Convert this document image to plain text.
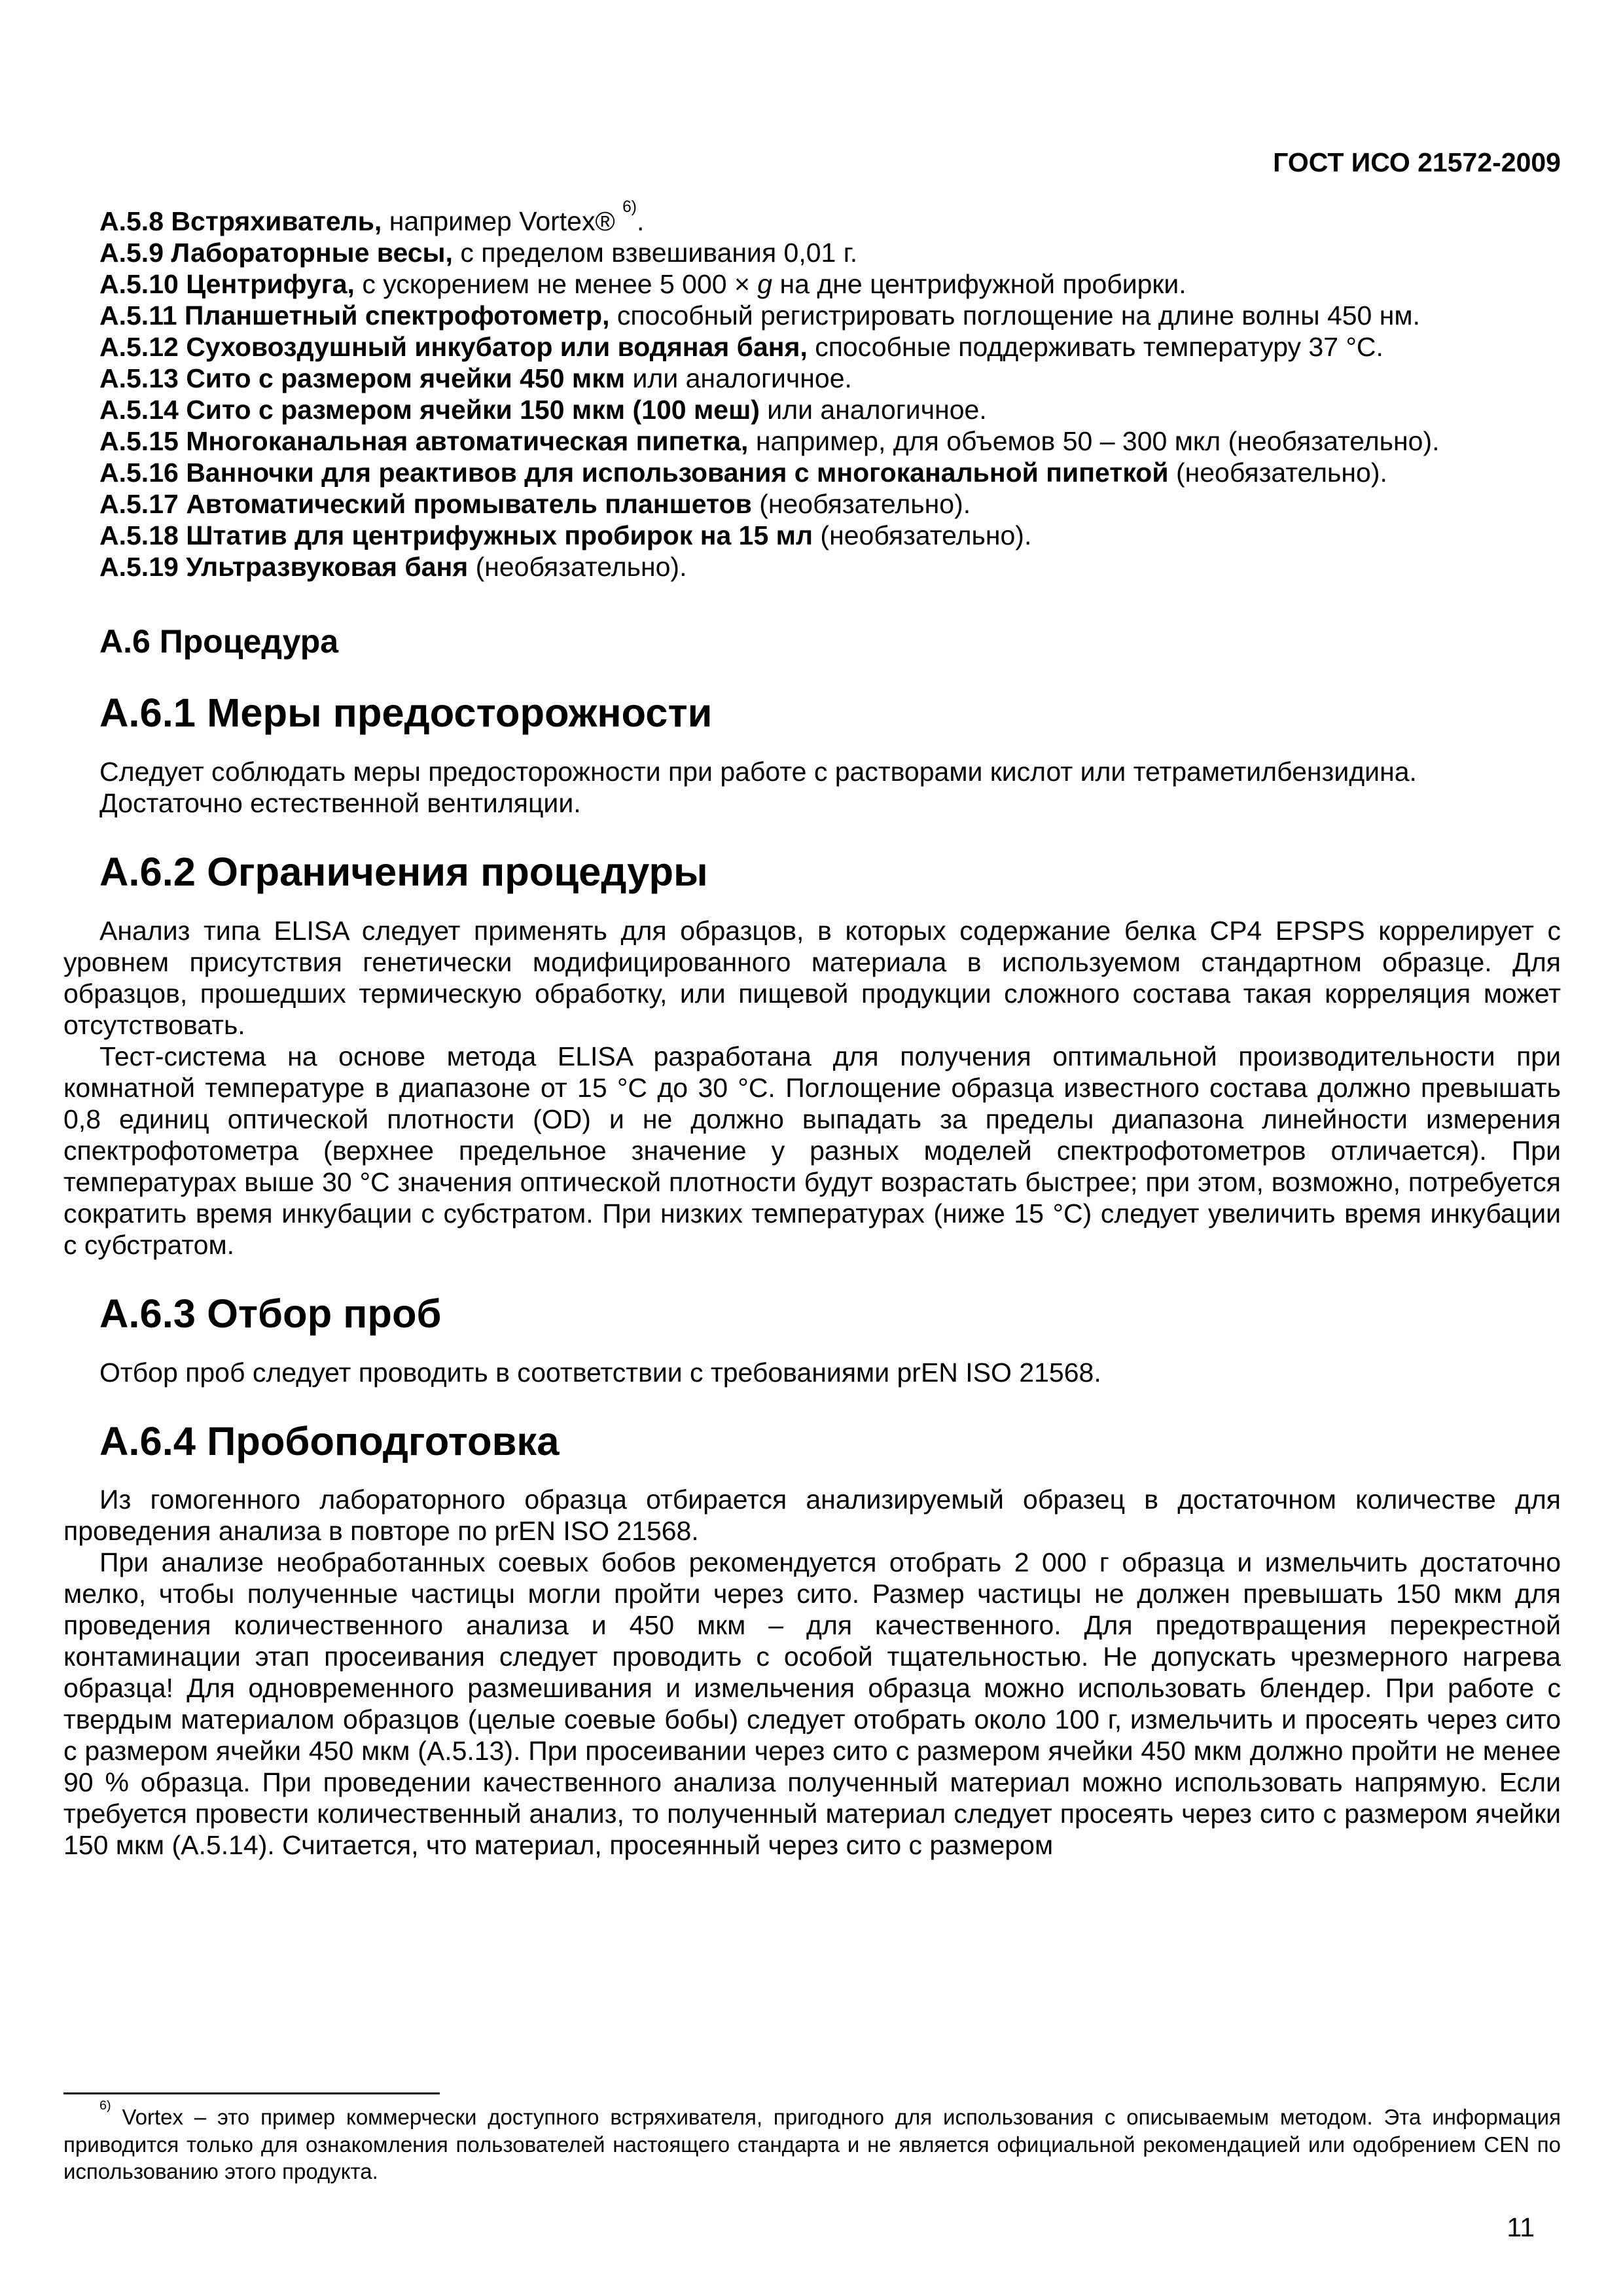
ГОСТ ИСО 21572-2009

А.5.8 Встряхиватель, например Vortex® $^{6)}$.

А.5.9 Лабораторные весы, с пределом взвешивания 0,01 г.

А.5.10 Центрифуга, с ускорением не менее 5 000 × g на дне центрифужной пробирки.

А.5.11 Планшетный спектрофотометр, способный регистрировать поглощение на длине волны 450 нм.

А.5.12 Суховоздушный инкубатор или водяная баня, способные поддерживать температуру 37 °С.

А.5.13 Сито с размером ячейки 450 мкм или аналогичное.

А.5.14 Сито с размером ячейки 150 мкм (100 меш) или аналогичное.

А.5.15 Многоканальная автоматическая пипетка, например, для объемов 50 – 300 мкл (необязательно).

А.5.16 Ванночки для реактивов для использования с многоканальной пипеткой (необязательно).

А.5.17 Автоматический промыватель планшетов (необязательно).

А.5.18 Штатив для центрифужных пробирок на 15 мл (необязательно).

А.5.19 Ультразвуковая баня (необязательно).

А.6 Процедура
А.6.1 Меры предосторожности

Следует соблюдать меры предосторожности при работе с растворами кислот или тетраметилбензидина.

Достаточно естественной вентиляции.

А.6.2 Ограничения процедуры

Анализ типа ELISA следует применять для образцов, в которых содержание белка CP4 EPSPS коррелирует с уровнем присутствия генетически модифицированного материала в используемом стандартном образце. Для образцов, прошедших термическую обработку, или пищевой продукции сложного состава такая корреляция может отсутствовать.

Тест-система на основе метода ELISA разработана для получения оптимальной производительности при комнатной температуре в диапазоне от 15 °С до 30 °С. Поглощение образца известного состава должно превышать 0,8 единиц оптической плотности (OD) и не должно выпадать за пределы диапазона линейности измерения спектрофотометра (верхнее предельное значение у разных моделей спектрофотометров отличается). При температурах выше 30 °С значения оптической плотности будут возрастать быстрее; при этом, возможно, потребуется сократить время инкубации с субстратом. При низких температурах (ниже 15 °С) следует увеличить время инкубации с субстратом.

А.6.3 Отбор проб

Отбор проб следует проводить в соответствии с требованиями prEN ISO 21568.

А.6.4 Пробоподготовка

Из гомогенного лабораторного образца отбирается анализируемый образец в достаточном количестве для проведения анализа в повторе по prEN ISO 21568.

При анализе необработанных соевых бобов рекомендуется отобрать 2 000 г образца и измельчить достаточно мелко, чтобы полученные частицы могли пройти через сито. Размер частицы не должен превышать 150 мкм для проведения количественного анализа и 450 мкм – для качественного. Для предотвращения перекрестной контаминации этап просеивания следует проводить с особой тщательностью. Не допускать чрезмерного нагрева образца! Для одновременного размешивания и измельчения образца можно использовать блендер. При работе с твердым материалом образцов (целые соевые бобы) следует отобрать около 100 г, измельчить и просеять через сито с размером ячейки 450 мкм (А.5.13). При просеивании через сито с размером ячейки 450 мкм должно пройти не менее 90 % образца. При проведении качественного анализа полученный материал можно использовать напрямую. Если требуется провести количественный анализ, то полученный материал следует просеять через сито с размером ячейки 150 мкм (А.5.14). Считается, что материал, просеянный через сито с размером

$^{6)}$ Vortex – это пример коммерчески доступного встряхивателя, пригодного для использования с описываемым методом. Эта информация приводится только для ознакомления пользователей настоящего стандарта и не является официальной рекомендацией или одобрением CEN по использованию этого продукта.

11
